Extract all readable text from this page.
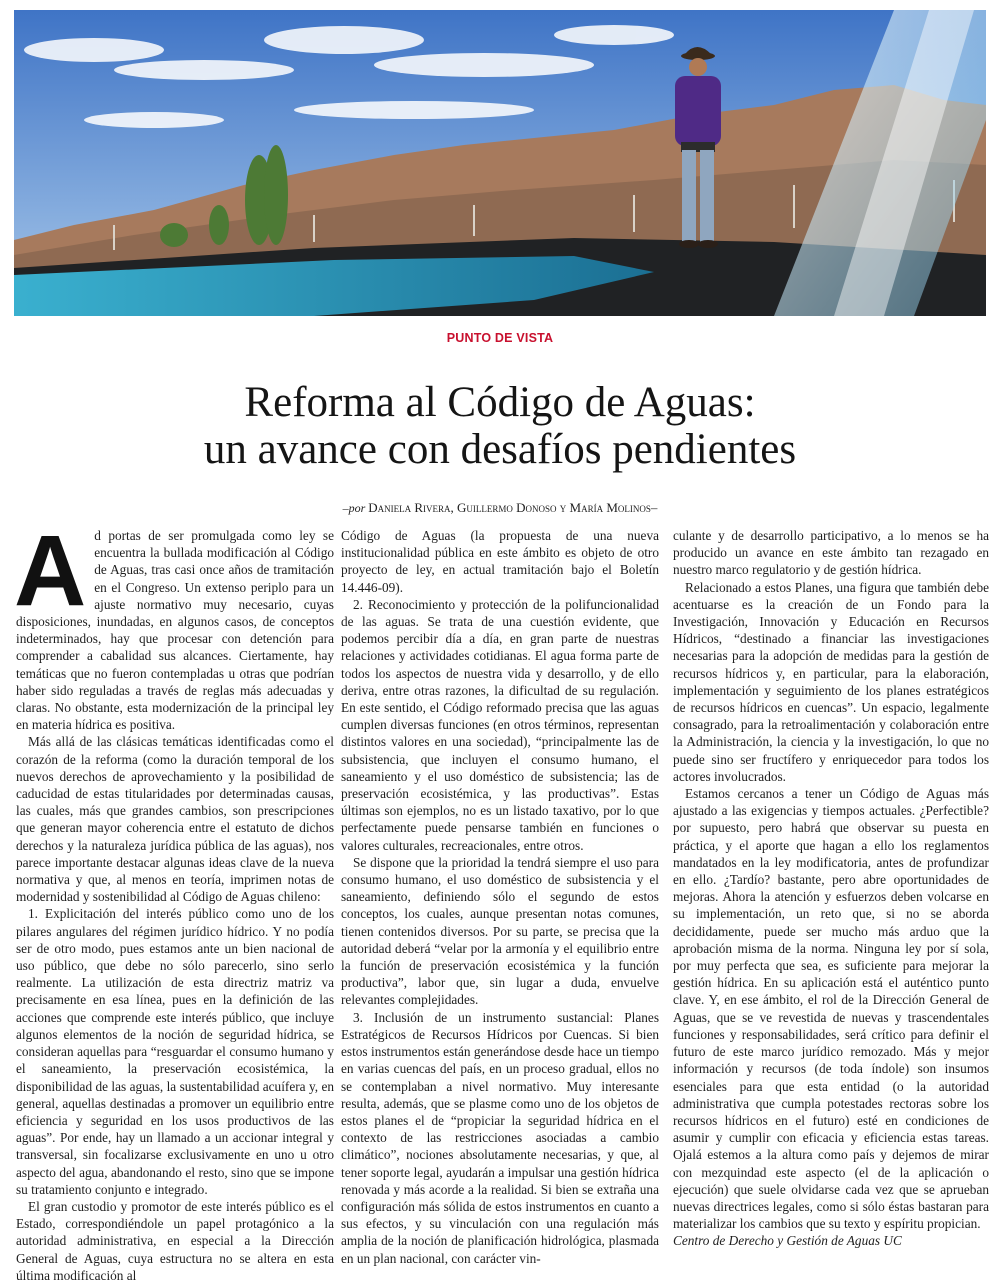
PUNTO DE VISTA
Reforma al Código de Aguas:
un avance con desafíos pendientes
–por Daniela Rivera, Guillermo Donoso y María Molinos–
A d portas de ser promulgada como ley se encuentra la bullada modificación al Código de Aguas, tras casi once años de tramitación en el Congreso. Un extenso periplo para un ajuste normativo muy necesario, cuyas disposiciones, inundadas, en algunos casos, de conceptos indeterminados, hay que procesar con detención para comprender a cabalidad sus alcances. Ciertamente, hay temáticas que no fueron contempladas u otras que podrían haber sido reguladas a través de reglas más adecuadas y claras. No obstante, esta modernización de la principal ley en materia hídrica es positiva.

Más allá de las clásicas temáticas identificadas como el corazón de la reforma (como la duración temporal de los nuevos derechos de aprovechamiento y la posibilidad de caducidad de estas titularidades por determinadas causas, las cuales, más que grandes cambios, son prescripciones que generan mayor coherencia entre el estatuto de dichos derechos y la naturaleza jurídica pública de las aguas), nos parece importante destacar algunas ideas clave de la nueva normativa y que, al menos en teoría, imprimen notas de modernidad y sostenibilidad al Código de Aguas chileno:

1. Explicitación del interés público como uno de los pilares angulares del régimen jurídico hídrico. Y no podía ser de otro modo, pues estamos ante un bien nacional de uso público, que debe no sólo parecerlo, sino serlo realmente. La utilización de esta directriz matriz va precisamente en esa línea, pues en la definición de las acciones que comprende este interés público, que incluye algunos elementos de la noción de seguridad hídrica, se consideran aquellas para “resguardar el consumo humano y el saneamiento, la preservación ecosistémica, la disponibilidad de las aguas, la sustentabilidad acuífera y, en general, aquellas destinadas a promover un equilibrio entre eficiencia y seguridad en los usos productivos de las aguas”. Por ende, hay un llamado a un accionar integral y transversal, sin focalizarse exclusivamente en uno u otro aspecto del agua, abandonando el resto, sino que se impone su tratamiento conjunto e integrado.

El gran custodio y promotor de este interés público es el Estado, correspondiéndole un papel protagónico a la autoridad administrativa, en especial a la Dirección General de Aguas, cuya estructura no se altera en esta última modificación al

Código de Aguas (la propuesta de una nueva institucionalidad pública en este ámbito es objeto de otro proyecto de ley, en actual tramitación bajo el Boletín 14.446-09).

2. Reconocimiento y protección de la polifuncionalidad de las aguas. Se trata de una cuestión evidente, que podemos percibir día a día, en gran parte de nuestras relaciones y actividades cotidianas. El agua forma parte de todos los aspectos de nuestra vida y desarrollo, y de ello deriva, entre otras razones, la dificultad de su regulación. En este sentido, el Código reformado precisa que las aguas cumplen diversas funciones (en otros términos, representan distintos valores en una sociedad), “principalmente las de subsistencia, que incluyen el consumo humano, el saneamiento y el uso doméstico de subsistencia; las de preservación ecosistémica, y las productivas”. Estas últimas son ejemplos, no es un listado taxativo, por lo que perfectamente puede pensarse también en funciones o valores culturales, recreacionales, entre otros.

Se dispone que la prioridad la tendrá siempre el uso para consumo humano, el uso doméstico de subsistencia y el saneamiento, definiendo sólo el segundo de estos conceptos, los cuales, aunque presentan notas comunes, tienen contenidos diversos. Por su parte, se precisa que la autoridad deberá “velar por la armonía y el equilibrio entre la función de preservación ecosistémica y la función productiva”, labor que, sin lugar a duda, envuelve relevantes complejidades.

3. Inclusión de un instrumento sustancial: Planes Estratégicos de Recursos Hídricos por Cuencas. Si bien estos instrumentos están generándose desde hace un tiempo en varias cuencas del país, en un proceso gradual, ellos no se contemplaban a nivel normativo. Muy interesante resulta, además, que se plasme como uno de los objetos de estos planes el de “propiciar la seguridad hídrica en el contexto de las restricciones asociadas a cambio climático”, nociones absolutamente necesarias, y que, al tener soporte legal, ayudarán a impulsar una gestión hídrica renovada y más acorde a la realidad. Si bien se extraña una configuración más sólida de estos instrumentos en cuanto a sus efectos, y su vinculación con una regulación más amplia de la noción de planificación hidrológica, plasmada en un plan nacional, con carácter vin-

culante y de desarrollo participativo, a lo menos se ha producido un avance en este ámbito tan rezagado en nuestro marco regulatorio y de gestión hídrica.

Relacionado a estos Planes, una figura que también debe acentuarse es la creación de un Fondo para la Investigación, Innovación y Educación en Recursos Hídricos, “destinado a financiar las investigaciones necesarias para la adopción de medidas para la gestión de recursos hídricos y, en particular, para la elaboración, implementación y seguimiento de los planes estratégicos de recursos hídricos en cuencas”. Un espacio, legalmente consagrado, para la retroalimentación y colaboración entre la Administración, la ciencia y la investigación, lo que no puede sino ser fructífero y enriquecedor para todos los actores involucrados.

Estamos cercanos a tener un Código de Aguas más ajustado a las exigencias y tiempos actuales. ¿Perfectible? por supuesto, pero habrá que observar su puesta en práctica, y el aporte que hagan a ello los reglamentos mandatados en la ley modificatoria, antes de profundizar en ello. ¿Tardío? bastante, pero abre oportunidades de mejoras. Ahora la atención y esfuerzos deben volcarse en su implementación, un reto que, si no se aborda decididamente, puede ser mucho más arduo que la aprobación misma de la norma. Ninguna ley por sí sola, por muy perfecta que sea, es suficiente para mejorar la gestión hídrica. En su aplicación está el auténtico punto clave. Y, en ese ámbito, el rol de la Dirección General de Aguas, que se ve revestida de nuevas y trascendentales funciones y responsabilidades, será crítico para definir el futuro de este marco jurídico remozado. Más y mejor información y recursos (de toda índole) son insumos esenciales para que esta entidad (o la autoridad administrativa que cumpla potestades rectoras sobre los recursos hídricos en el futuro) esté en condiciones de asumir y cumplir con eficacia y eficiencia estas tareas. Ojalá estemos a la altura como país y dejemos de mirar con mezquindad este aspecto (el de la aplicación o ejecución) que suele olvidarse cada vez que se aprueban nuevas directrices legales, como si sólo éstas bastaran para materializar los cambios que su texto y espíritu propician.

Centro de Derecho y Gestión de Aguas UC
